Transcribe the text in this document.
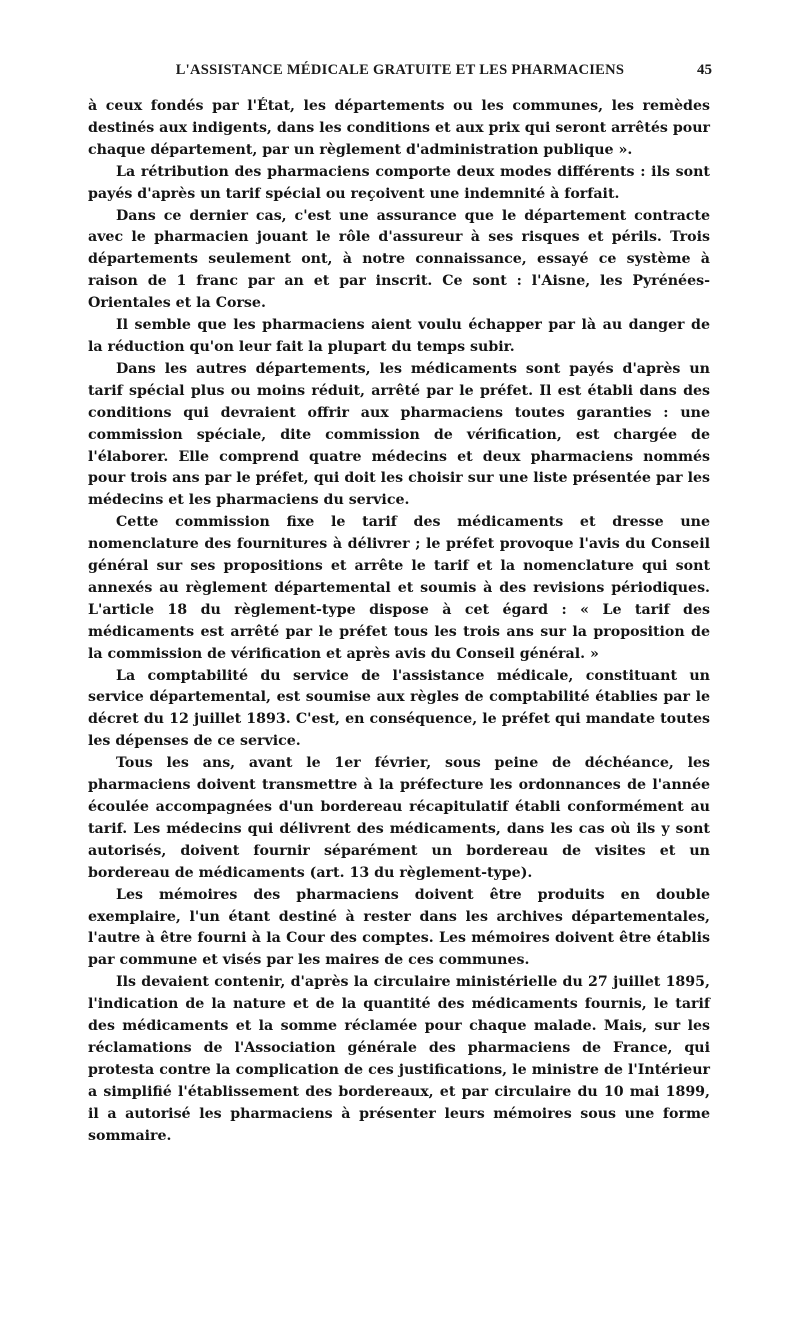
L'ASSISTANCE MÉDICALE GRATUITE ET LES PHARMACIENS	45

à ceux fondés par l'État, les départements ou les communes, les remèdes destinés aux indigents, dans les conditions et aux prix qui seront arrêtés pour chaque département, par un règlement d'administration publique ».

La rétribution des pharmaciens comporte deux modes différents : ils sont payés d'après un tarif spécial ou reçoivent une indemnité à forfait.

Dans ce dernier cas, c'est une assurance que le département contracte avec le pharmacien jouant le rôle d'assureur à ses risques et périls. Trois départements seulement ont, à notre connaissance, essayé ce système à raison de 1 franc par an et par inscrit. Ce sont : l'Aisne, les Pyrénées-Orientales et la Corse.

Il semble que les pharmaciens aient voulu échapper par là au danger de la réduction qu'on leur fait la plupart du temps subir.

Dans les autres départements, les médicaments sont payés d'après un tarif spécial plus ou moins réduit, arrêté par le préfet. Il est établi dans des conditions qui devraient offrir aux pharmaciens toutes garanties : une commission spéciale, dite commission de vérification, est chargée de l'élaborer. Elle comprend quatre médecins et deux pharmaciens nommés pour trois ans par le préfet, qui doit les choisir sur une liste présentée par les médecins et les pharmaciens du service.

Cette commission fixe le tarif des médicaments et dresse une nomenclature des fournitures à délivrer ; le préfet provoque l'avis du Conseil général sur ses propositions et arrête le tarif et la nomenclature qui sont annexés au règlement départemental et soumis à des revisions périodiques. L'article 18 du règlement-type dispose à cet égard : « Le tarif des médicaments est arrêté par le préfet tous les trois ans sur la proposition de la commission de vérification et après avis du Conseil général. »

La comptabilité du service de l'assistance médicale, constituant un service départemental, est soumise aux règles de comptabilité établies par le décret du 12 juillet 1893. C'est, en conséquence, le préfet qui mandate toutes les dépenses de ce service.

Tous les ans, avant le 1er février, sous peine de déchéance, les pharmaciens doivent transmettre à la préfecture les ordonnances de l'année écoulée accompagnées d'un bordereau récapitulatif établi conformément au tarif. Les médecins qui délivrent des médicaments, dans les cas où ils y sont autorisés, doivent fournir séparément un bordereau de visites et un bordereau de médicaments (art. 13 du règlement-type).

Les mémoires des pharmaciens doivent être produits en double exemplaire, l'un étant destiné à rester dans les archives départementales, l'autre à être fourni à la Cour des comptes. Les mémoires doivent être établis par commune et visés par les maires de ces communes.

Ils devaient contenir, d'après la circulaire ministérielle du 27 juillet 1895, l'indication de la nature et de la quantité des médicaments fournis, le tarif des médicaments et la somme réclamée pour chaque malade. Mais, sur les réclamations de l'Association générale des pharmaciens de France, qui protesta contre la complication de ces justifications, le ministre de l'Intérieur a simplifié l'établissement des bordereaux, et par circulaire du 10 mai 1899, il a autorisé les pharmaciens à présenter leurs mémoires sous une forme sommaire.
